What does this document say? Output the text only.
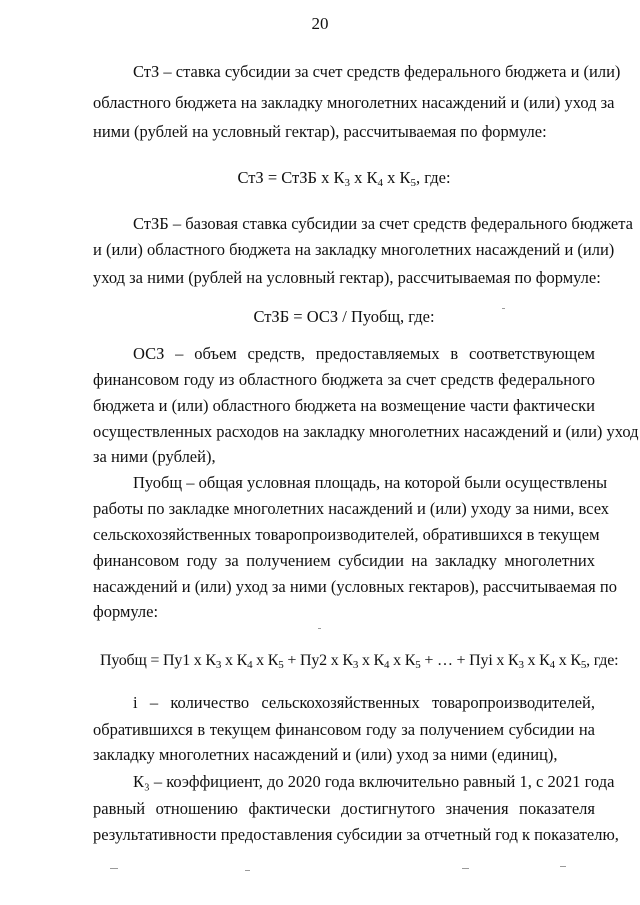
20
СтЗ – ставка субсидии за счет средств федерального бюджета и (или)
областного бюджета на закладку многолетних насаждений и (или) уход за
ними (рублей на условный гектар), рассчитываемая по формуле:
СтЗ = СтЗБ х $К_3$ х $К_4$ х $К_5$, где:
СтЗБ – базовая ставка субсидии за счет средств федерального бюджета
и (или) областного бюджета на закладку многолетних насаждений и (или)
уход за ними (рублей на условный гектар), рассчитываемая по формуле:
СтЗБ = ОСЗ / Пуобщ, где:
ОСЗ – объем средств, предоставляемых в соответствующем
финансовом году из областного бюджета за счет средств федерального
бюджета и (или) областного бюджета на возмещение части фактически
осуществленных расходов на закладку многолетних насаждений и (или) уход
за ними (рублей),
Пуобщ – общая условная площадь, на которой были осуществлены
работы по закладке многолетних насаждений и (или) уходу за ними, всех
сельскохозяйственных товаропроизводителей, обратившихся в текущем
финансовом году за получением субсидии на закладку многолетних
насаждений и (или) уход за ними (условных гектаров), рассчитываемая по
формуле:
Пуобщ = Пу1 х $К_3$ х $К_4$ х $К_5 + Пу2$ х $К_3$ х $К_4$ х $К_5$ + … + Пуi х $К_3$ х $К_4$ х $К_5$, где:
i – количество сельскохозяйственных товаропроизводителей,
обратившихся в текущем финансовом году за получением субсидии на
закладку многолетних насаждений и (или) уход за ними (единиц),
К₃ – коэффициент, до 2020 года включительно равный 1, с 2021 года
равный отношению фактически достигнутого значения показателя
результативности предоставления субсидии за отчетный год к показателю,
